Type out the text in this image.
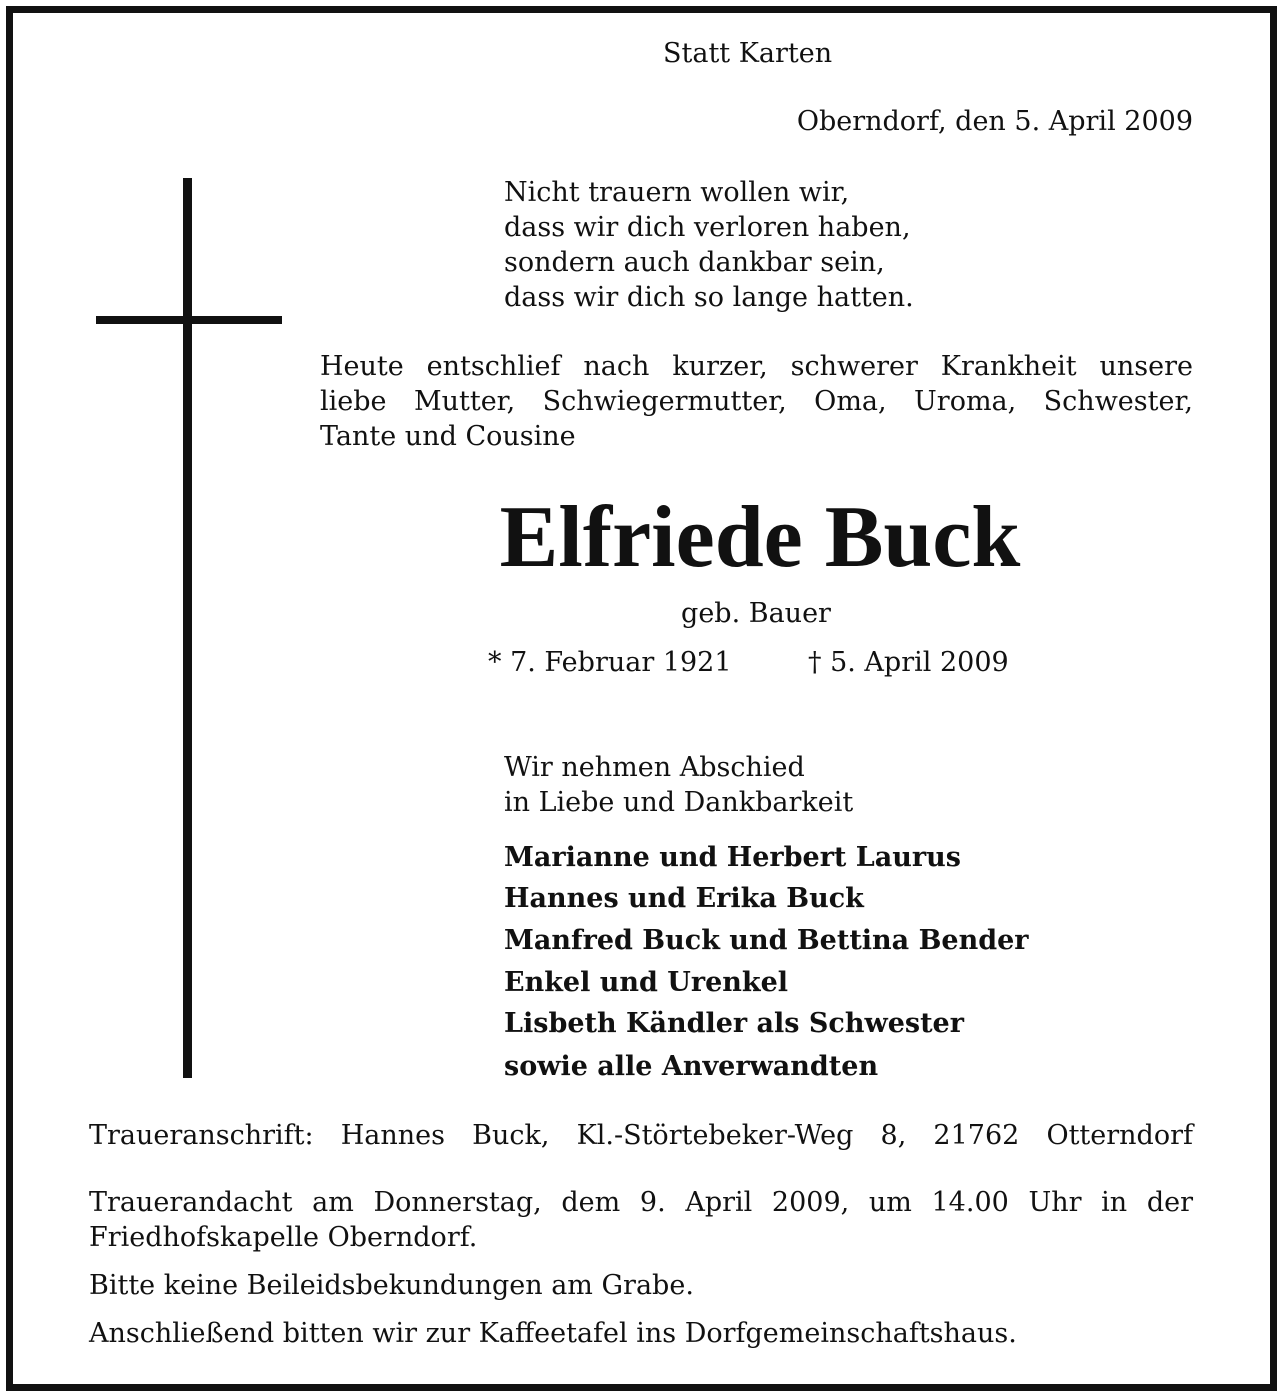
Statt Karten
Oberndorf, den 5. April 2009
Nicht trauern wollen wir,
dass wir dich verloren haben,
sondern auch dankbar sein,
dass wir dich so lange hatten.
Heute entschlief nach kurzer, schwerer Krankheit unsere
liebe Mutter, Schwiegermutter, Oma, Uroma, Schwester,
Tante und Cousine
Elfriede Buck
geb. Bauer
* 7. Februar 1921	† 5. April 2009
Wir nehmen Abschied
in Liebe und Dankbarkeit
Marianne und Herbert Laurus
Hannes und Erika Buck
Manfred Buck und Bettina Bender
Enkel und Urenkel
Lisbeth Kändler als Schwester
sowie alle Anverwandten
Traueranschrift: Hannes Buck, Kl.-Störtebeker-Weg 8, 21762 Otterndorf
Trauerandacht am Donnerstag, dem 9. April 2009, um 14.00 Uhr in der
Friedhofskapelle Oberndorf.
Bitte keine Beileidsbekundungen am Grabe.
Anschließend bitten wir zur Kaffeetafel ins Dorfgemeinschaftshaus.
